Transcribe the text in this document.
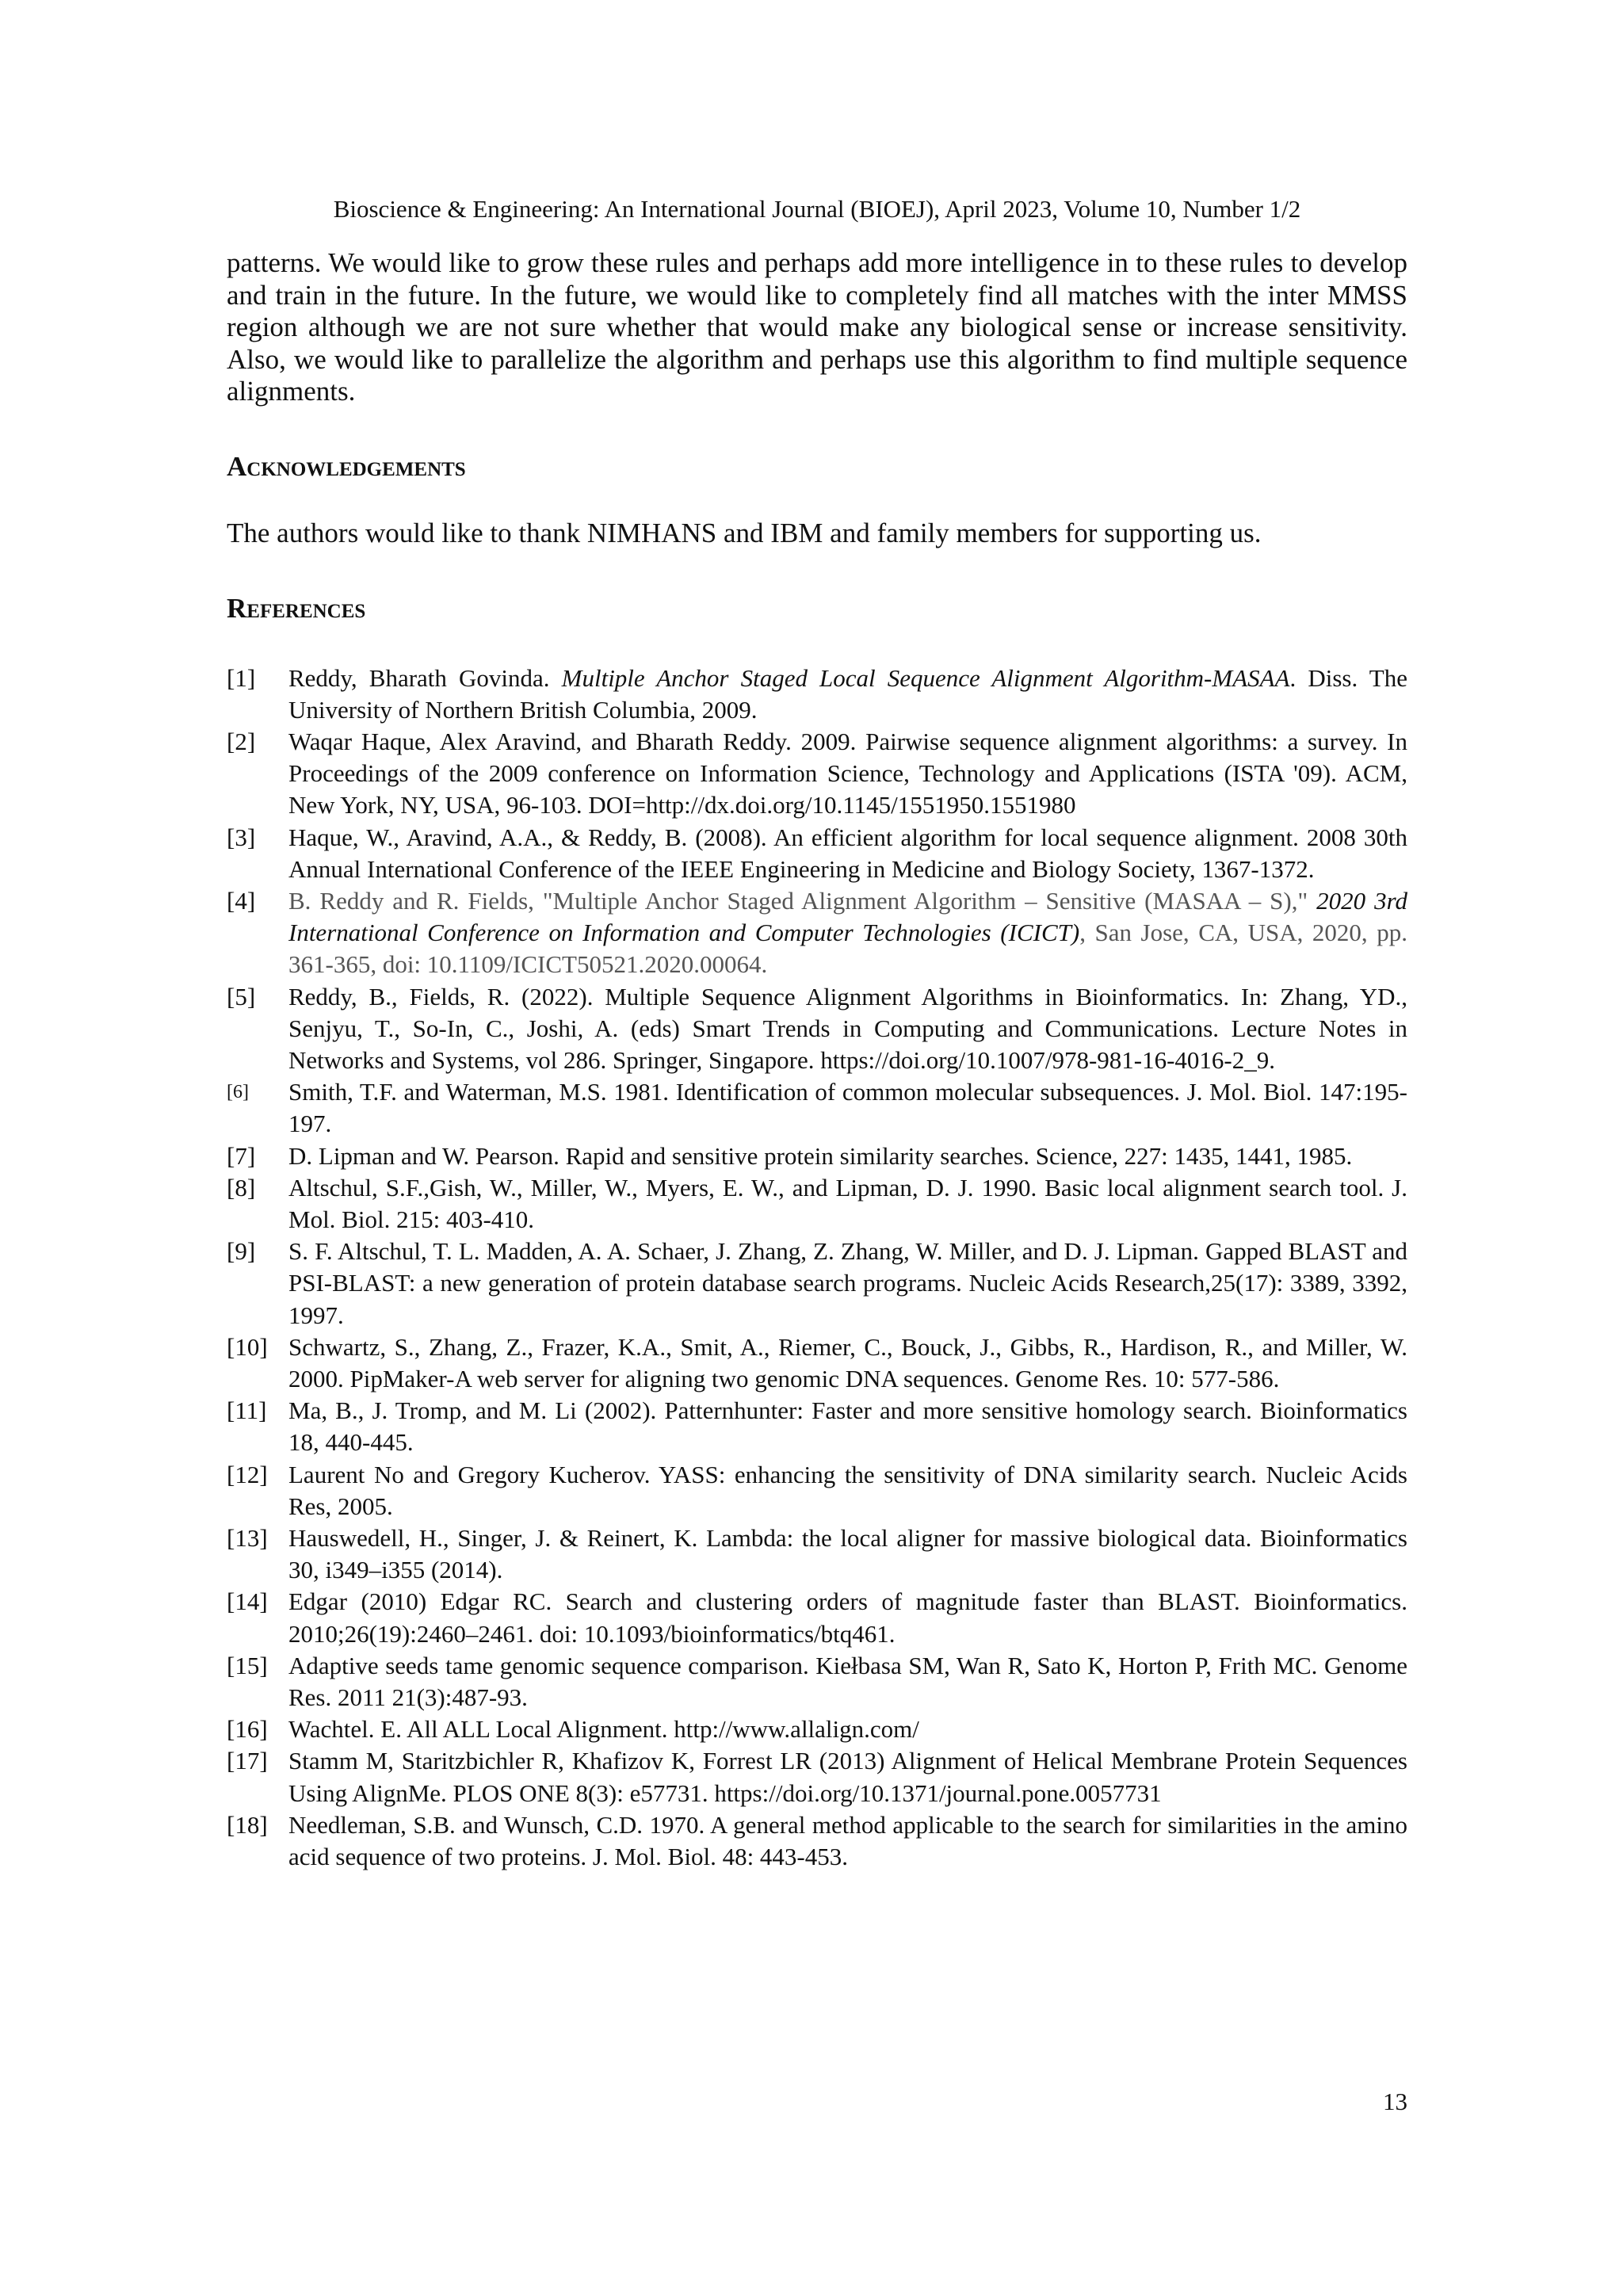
Bioscience & Engineering: An International Journal (BIOEJ), April 2023, Volume 10, Number 1/2

patterns. We would like to grow these rules and perhaps add more intelligence in to these rules to develop and train in the future. In the future, we would like to completely find all matches with the inter MMSS region although we are not sure whether that would make any biological sense or increase sensitivity. Also, we would like to parallelize the algorithm and perhaps use this algorithm to find multiple sequence alignments.

Acknowledgements

The authors would like to thank NIMHANS and IBM and family members for supporting us.

References
[1]	Reddy, Bharath Govinda. Multiple Anchor Staged Local Sequence Alignment Algorithm-MASAA. Diss. The University of Northern British Columbia, 2009.
[2]	Waqar Haque, Alex Aravind, and Bharath Reddy. 2009. Pairwise sequence alignment algorithms: a survey. In Proceedings of the 2009 conference on Information Science, Technology and Applications (ISTA '09). ACM, New York, NY, USA, 96-103. DOI=http://dx.doi.org/10.1145/1551950.1551980
[3]	Haque, W., Aravind, A.A., & Reddy, B. (2008). An efficient algorithm for local sequence alignment. 2008 30th Annual International Conference of the IEEE Engineering in Medicine and Biology Society, 1367-1372.
[4]	B. Reddy and R. Fields, "Multiple Anchor Staged Alignment Algorithm – Sensitive (MASAA – S)," 2020 3rd International Conference on Information and Computer Technologies (ICICT), San Jose, CA, USA, 2020, pp. 361-365, doi: 10.1109/ICICT50521.2020.00064.
[5]	Reddy, B., Fields, R. (2022). Multiple Sequence Alignment Algorithms in Bioinformatics. In: Zhang, YD., Senjyu, T., So-In, C., Joshi, A. (eds) Smart Trends in Computing and Communications. Lecture Notes in Networks and Systems, vol 286. Springer, Singapore. https://doi.org/10.1007/978-981-16-4016-2_9.
[6]	Smith, T.F. and Waterman, M.S. 1981. Identification of common molecular subsequences. J. Mol. Biol. 147:195-197.
[7]	D. Lipman and W. Pearson. Rapid and sensitive protein similarity searches. Science, 227: 1435, 1441, 1985.
[8]	Altschul, S.F.,Gish, W., Miller, W., Myers, E. W., and Lipman, D. J. 1990. Basic local alignment search tool. J. Mol. Biol. 215: 403-410.
[9]	S. F. Altschul, T. L. Madden, A. A. Schaer, J. Zhang, Z. Zhang, W. Miller, and D. J. Lipman. Gapped BLAST and PSI-BLAST: a new generation of protein database search programs. Nucleic Acids Research,25(17): 3389, 3392, 1997.
[10] Schwartz, S., Zhang, Z., Frazer, K.A., Smit, A., Riemer, C., Bouck, J., Gibbs, R., Hardison, R., and Miller, W. 2000. PipMaker-A web server for aligning two genomic DNA sequences. Genome Res. 10: 577-586.
[11] Ma, B., J. Tromp, and M. Li (2002). Patternhunter: Faster and more sensitive homology search. Bioinformatics 18, 440-445.
[12] Laurent No and Gregory Kucherov. YASS: enhancing the sensitivity of DNA similarity search. Nucleic Acids Res, 2005.
[13] Hauswedell, H., Singer, J. & Reinert, K. Lambda: the local aligner for massive biological data. Bioinformatics 30, i349–i355 (2014).
[14] Edgar (2010) Edgar RC. Search and clustering orders of magnitude faster than BLAST. Bioinformatics. 2010;26(19):2460–2461. doi: 10.1093/bioinformatics/btq461.
[15] Adaptive seeds tame genomic sequence comparison. Kiełbasa SM, Wan R, Sato K, Horton P, Frith MC. Genome Res. 2011 21(3):487-93.
[16] Wachtel. E. All ALL Local Alignment. http://www.allalign.com/
[17] Stamm M, Staritzbichler R, Khafizov K, Forrest LR (2013) Alignment of Helical Membrane Protein Sequences Using AlignMe. PLOS ONE 8(3): e57731. https://doi.org/10.1371/journal.pone.0057731
[18] Needleman, S.B. and Wunsch, C.D. 1970. A general method applicable to the search for similarities in the amino acid sequence of two proteins. J. Mol. Biol. 48: 443-453.
13
